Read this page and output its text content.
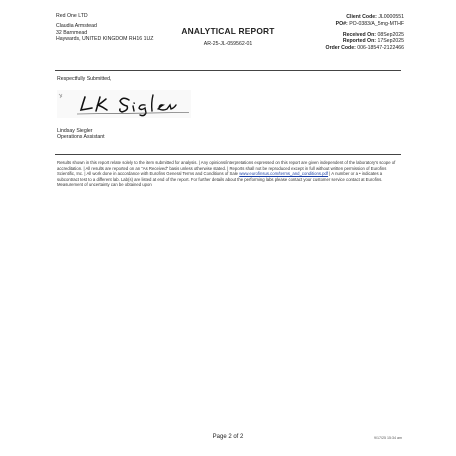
Red One LTD
Claudia Armstead
32 Barnmead
Haywards, UNITED KINGDOM RH16 1UZ
ANALYTICAL REPORT
AR-25-JL-059562-01
Client Code: JL0000551
PO#: PO-0383/A_5mg-MTHF
Received On: 08Sep2025
Reported On: 17Sep2025
Order Code: 006-18547-2122466
Respectfully Submitted,
Lindsay Siegler
Operations Assistant
Results shown in this report relate solely to the item submitted for analysis. | Any opinions/interpretations expressed on this report are given independent of the laboratory's scope of accreditation. | All results are reported on an "As Received" basis unless otherwise stated. | Reports shall not be reproduced except in full without written permission of Eurofins Scientific, Inc. | All work done in accordance with Eurofins General Terms and Conditions of Sale www.eurofinsus.com/terms_and_conditions.pdf | A number or a • indicates a subcontract test to a different lab. Lab(s) are listed at end of the report. For further details about the performing labs please contact your customer service contact at Eurofins. Measurement of uncertainty can be obtained upon
Page 2 of 2	9/17/25 15:34 am
